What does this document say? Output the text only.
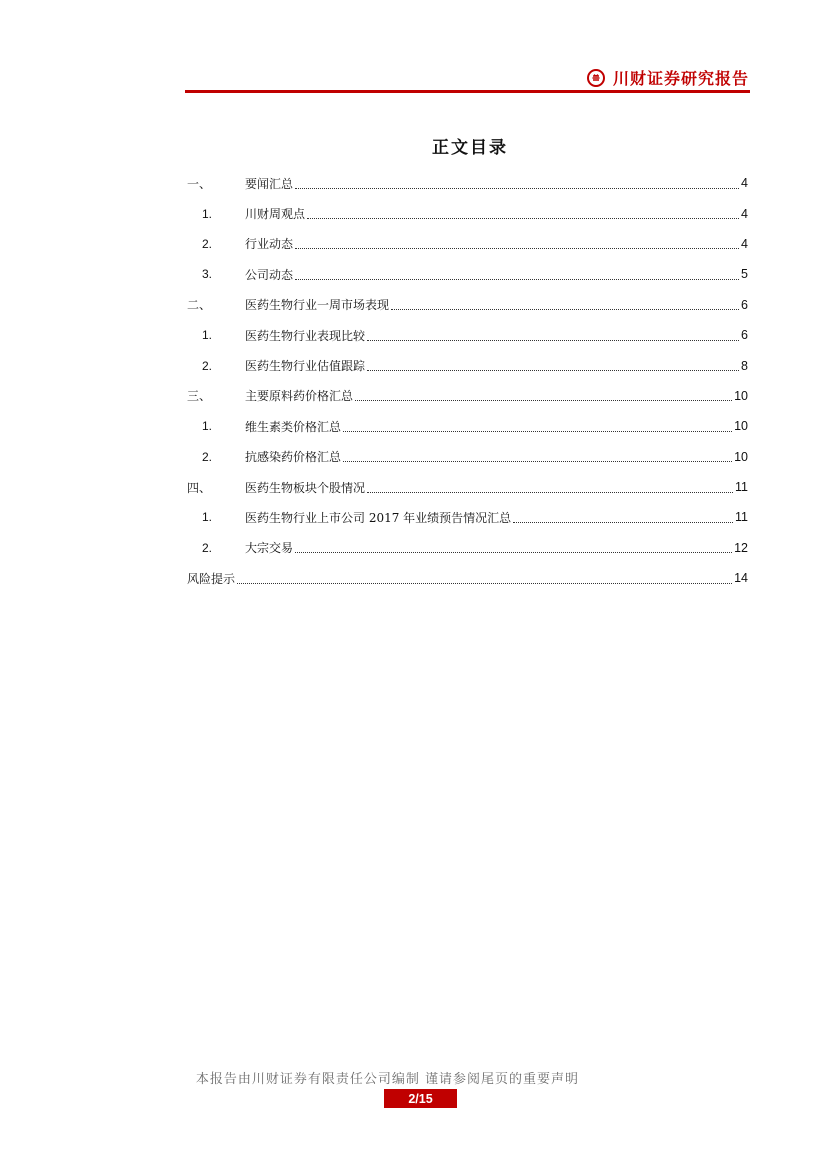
川财证券研究报告
正文目录
一、	要闻汇总	4
1.	川财周观点	4
2.	行业动态	4
3.	公司动态	5
二、	医药生物行业一周市场表现	6
1.	医药生物行业表现比较	6
2.	医药生物行业估值跟踪	8
三、	主要原料药价格汇总	10
1.	维生素类价格汇总	10
2.	抗感染药价格汇总	10
四、	医药生物板块个股情况	11
1.	医药生物行业上市公司 2017 年业绩预告情况汇总	11
2.	大宗交易	12
风险提示	14
本报告由川财证券有限责任公司编制 谨请参阅尾页的重要声明
2/15
